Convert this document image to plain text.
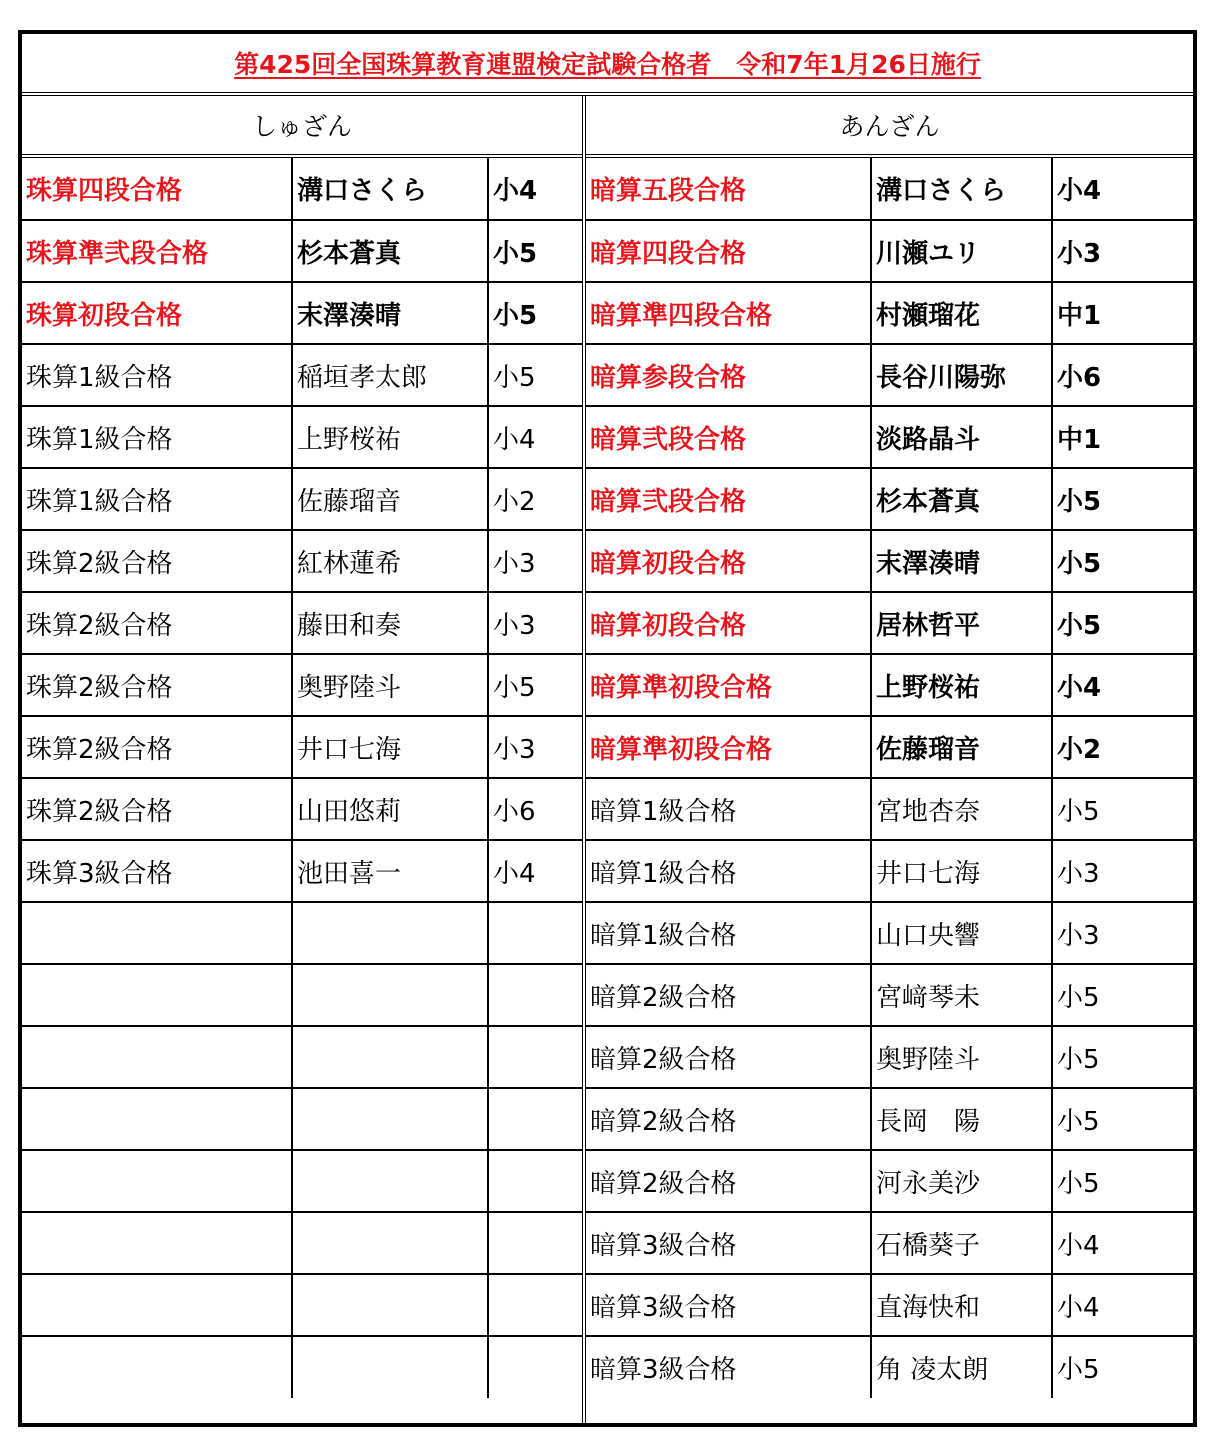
第425回全国珠算教育連盟検定試験合格者　令和7年1月26日施行
しゅざん
珠算四段合格	溝口さくら	小4
珠算準弐段合格	杉本蒼真	小5
珠算初段合格	末澤湊晴	小5
珠算1級合格	稲垣孝太郎	小5
珠算1級合格	上野桜祐	小4
珠算1級合格	佐藤瑠音	小2
珠算2級合格	紅林蓮希	小3
珠算2級合格	藤田和奏	小3
珠算2級合格	奥野陸斗	小5
珠算2級合格	井口七海	小3
珠算2級合格	山田悠莉	小6
珠算3級合格	池田喜一	小4

あんざん
暗算五段合格	溝口さくら	小4
暗算四段合格	川瀬ユリ	小3
暗算準四段合格	村瀬瑠花	中1
暗算参段合格	長谷川陽弥	小6
暗算弐段合格	淡路晶斗	中1
暗算弐段合格	杉本蒼真	小5
暗算初段合格	末澤湊晴	小5
暗算初段合格	居林哲平	小5
暗算準初段合格	上野桜祐	小4
暗算準初段合格	佐藤瑠音	小2
暗算1級合格	宮地杏奈	小5
暗算1級合格	井口七海	小3
暗算1級合格	山口央響	小3
暗算2級合格	宮﨑琴未	小5
暗算2級合格	奥野陸斗	小5
暗算2級合格	長岡　陽	小5
暗算2級合格	河永美沙	小5
暗算3級合格	石橋葵子	小4
暗算3級合格	直海快和	小4
暗算3級合格	角 凌太朗	小5
